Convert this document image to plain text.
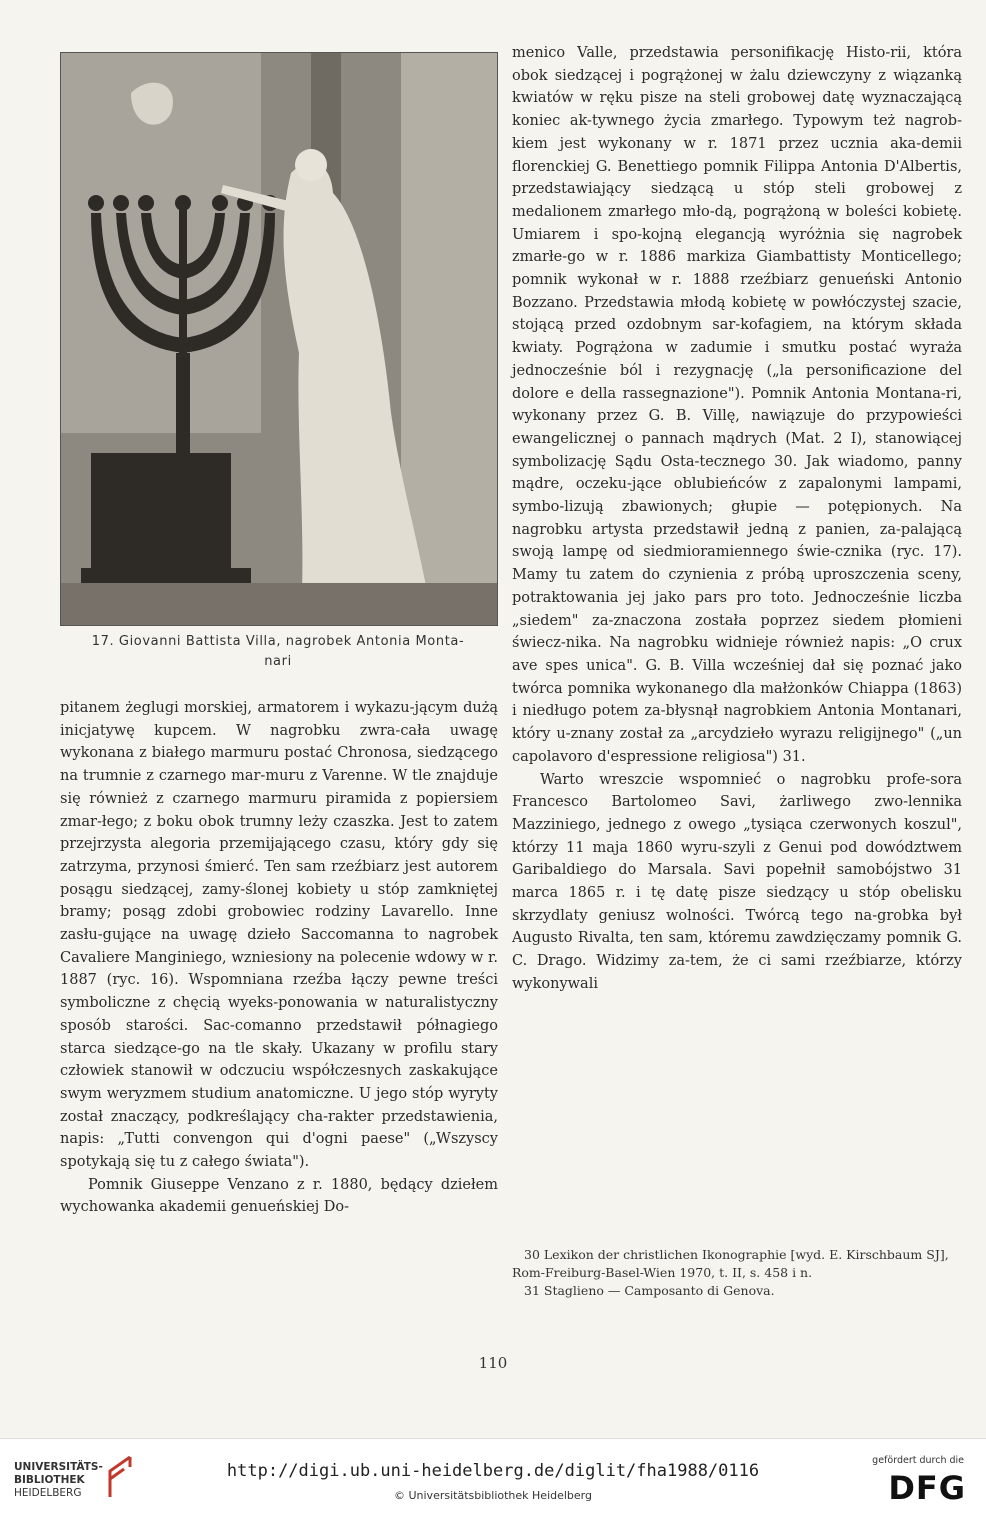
17. Giovanni Battista Villa, nagrobek Antonia Monta-
nari

pitanem żeglugi morskiej, armatorem i wykazu-jącym dużą inicjatywę kupcem. W nagrobku zwra-cała uwagę wykonana z białego marmuru postać Chronosa, siedzącego na trumnie z czarnego mar-muru z Varenne. W tle znajduje się również z czarnego marmuru piramida z popiersiem zmar-łego; z boku obok trumny leży czaszka. Jest to zatem przejrzysta alegoria przemijającego czasu, który gdy się zatrzyma, przynosi śmierć. Ten sam rzeźbiarz jest autorem posągu siedzącej, zamy-ślonej kobiety u stóp zamkniętej bramy; posąg zdobi grobowiec rodziny Lavarello. Inne zasłu-gujące na uwagę dzieło Saccomanna to nagrobek Cavaliere Manginiego, wzniesiony na polecenie wdowy w r. 1887 (ryc. 16). Wspomniana rzeźba łączy pewne treści symboliczne z chęcią wyeks-ponowania w naturalistyczny sposób starości. Sac-comanno przedstawił półnagiego starca siedzące-go na tle skały. Ukazany w profilu stary człowiek stanowił w odczuciu współczesnych zaskakujące swym weryzmem studium anatomiczne. U jego stóp wyryty został znaczący, podkreślający cha-rakter przedstawienia, napis: „Tutti convengon qui d'ogni paese" („Wszyscy spotykają się tu z całego świata").

Pomnik Giuseppe Venzano z r. 1880, będący dziełem wychowanka akademii genueńskiej Do-

menico Valle, przedstawia personifikację Histo-rii, która obok siedzącej i pogrążonej w żalu dziewczyny z wiązanką kwiatów w ręku pisze na steli grobowej datę wyznaczającą koniec ak-tywnego życia zmarłego. Typowym też nagrob-kiem jest wykonany w r. 1871 przez ucznia aka-demii florenckiej G. Benettiego pomnik Filippa Antonia D'Albertis, przedstawiający siedzącą u stóp steli grobowej z medalionem zmarłego mło-dą, pogrążoną w boleści kobietę. Umiarem i spo-kojną elegancją wyróżnia się nagrobek zmarłe-go w r. 1886 markiza Giambattisty Monticellego; pomnik wykonał w r. 1888 rzeźbiarz genueński Antonio Bozzano. Przedstawia młodą kobietę w powłóczystej szacie, stojącą przed ozdobnym sar-kofagiem, na którym składa kwiaty. Pogrążona w zadumie i smutku postać wyraża jednocześnie ból i rezygnację („la personificazione del dolore e della rassegnazione"). Pomnik Antonia Montana-ri, wykonany przez G. B. Villę, nawiązuje do przypowieści ewangelicznej o pannach mądrych (Mat. 2 I), stanowiącej symbolizację Sądu Osta-tecznego 30. Jak wiadomo, panny mądre, oczeku-jące oblubieńców z zapalonymi lampami, symbo-lizują zbawionych; głupie — potępionych. Na nagrobku artysta przedstawił jedną z panien, za-palającą swoją lampę od siedmioramiennego świe-cznika (ryc. 17). Mamy tu zatem do czynienia z próbą uproszczenia sceny, potraktowania jej jako pars pro toto. Jednocześnie liczba „siedem" za-znaczona została poprzez siedem płomieni świecz-nika. Na nagrobku widnieje również napis: „O crux ave spes unica". G. B. Villa wcześniej dał się poznać jako twórca pomnika wykonanego dla małżonków Chiappa (1863) i niedługo potem za-błysnął nagrobkiem Antonia Montanari, który u-znany został za „arcydzieło wyrazu religijnego" („un capolavoro d'espressione religiosa") 31.

Warto wreszcie wspomnieć o nagrobku profe-sora Francesco Bartolomeo Savi, żarliwego zwo-lennika Mazziniego, jednego z owego „tysiąca czerwonych koszul", którzy 11 maja 1860 wyru-szyli z Genui pod dowództwem Garibaldiego do Marsala. Savi popełnił samobójstwo 31 marca 1865 r. i tę datę pisze siedzący u stóp obelisku skrzydlaty geniusz wolności. Twórcą tego na-grobka był Augusto Rivalta, ten sam, któremu zawdzięczamy pomnik G. C. Drago. Widzimy za-tem, że ci sami rzeźbiarze, którzy wykonywali

30 Lexikon der christlichen Ikonographie [wyd. E. Kirschbaum SJ], Rom-Freiburg-Basel-Wien 1970, t. II, s. 458 i n.

31 Staglieno — Camposanto di Genova.

110
UNIVERSITÄTS-
BIBLIOTHEK
HEIDELBERG
http://digi.ub.uni-heidelberg.de/diglit/fha1988/0116
© Universitätsbibliothek Heidelberg
gefördert durch die
DFG
